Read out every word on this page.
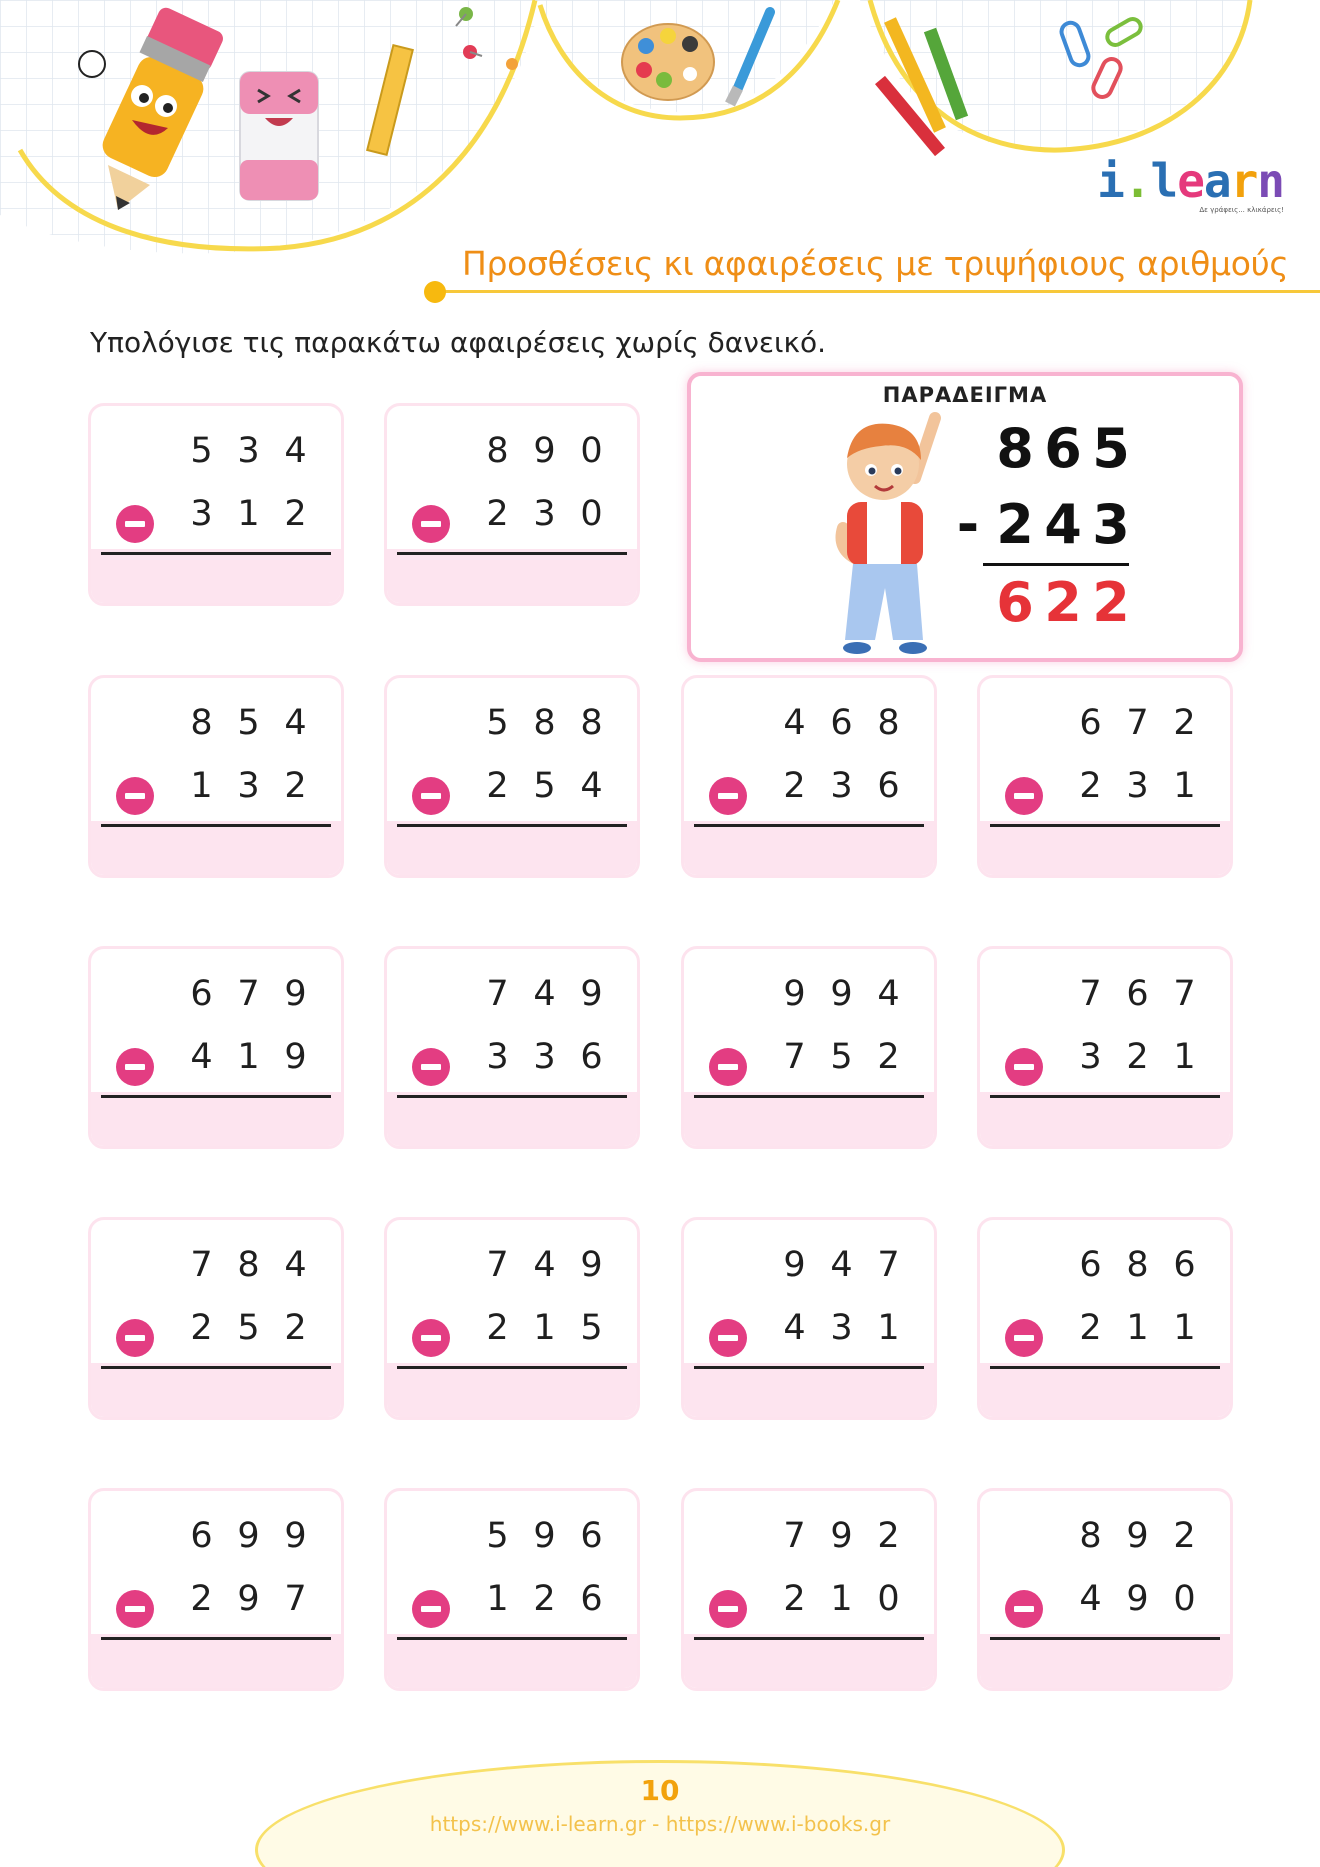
i.learn
Δε γράφεις... κλικάρεις!
Προσθέσεις κι αφαιρέσεις με τριψήφιους αριθμούς
Υπολόγισε τις παρακάτω αφαιρέσεις χωρίς δανεικό.
ΠΑΡΑΔΕΙΓΜΑ
8 6 5
- 2 4 3
6 2 2
5 3 4
3 1 2
8 9 0
2 3 0
8 5 4
1 3 2
5 8 8
2 5 4
4 6 8
2 3 6
6 7 2
2 3 1
6 7 9
4 1 9
7 4 9
3 3 6
9 9 4
7 5 2
7 6 7
3 2 1
7 8 4
2 5 2
7 4 9
2 1 5
9 4 7
4 3 1
6 8 6
2 1 1
6 9 9
2 9 7
5 9 6
1 2 6
7 9 2
2 1 0
8 9 2
4 9 0
10
https://www.i-learn.gr - https://www.i-books.gr
